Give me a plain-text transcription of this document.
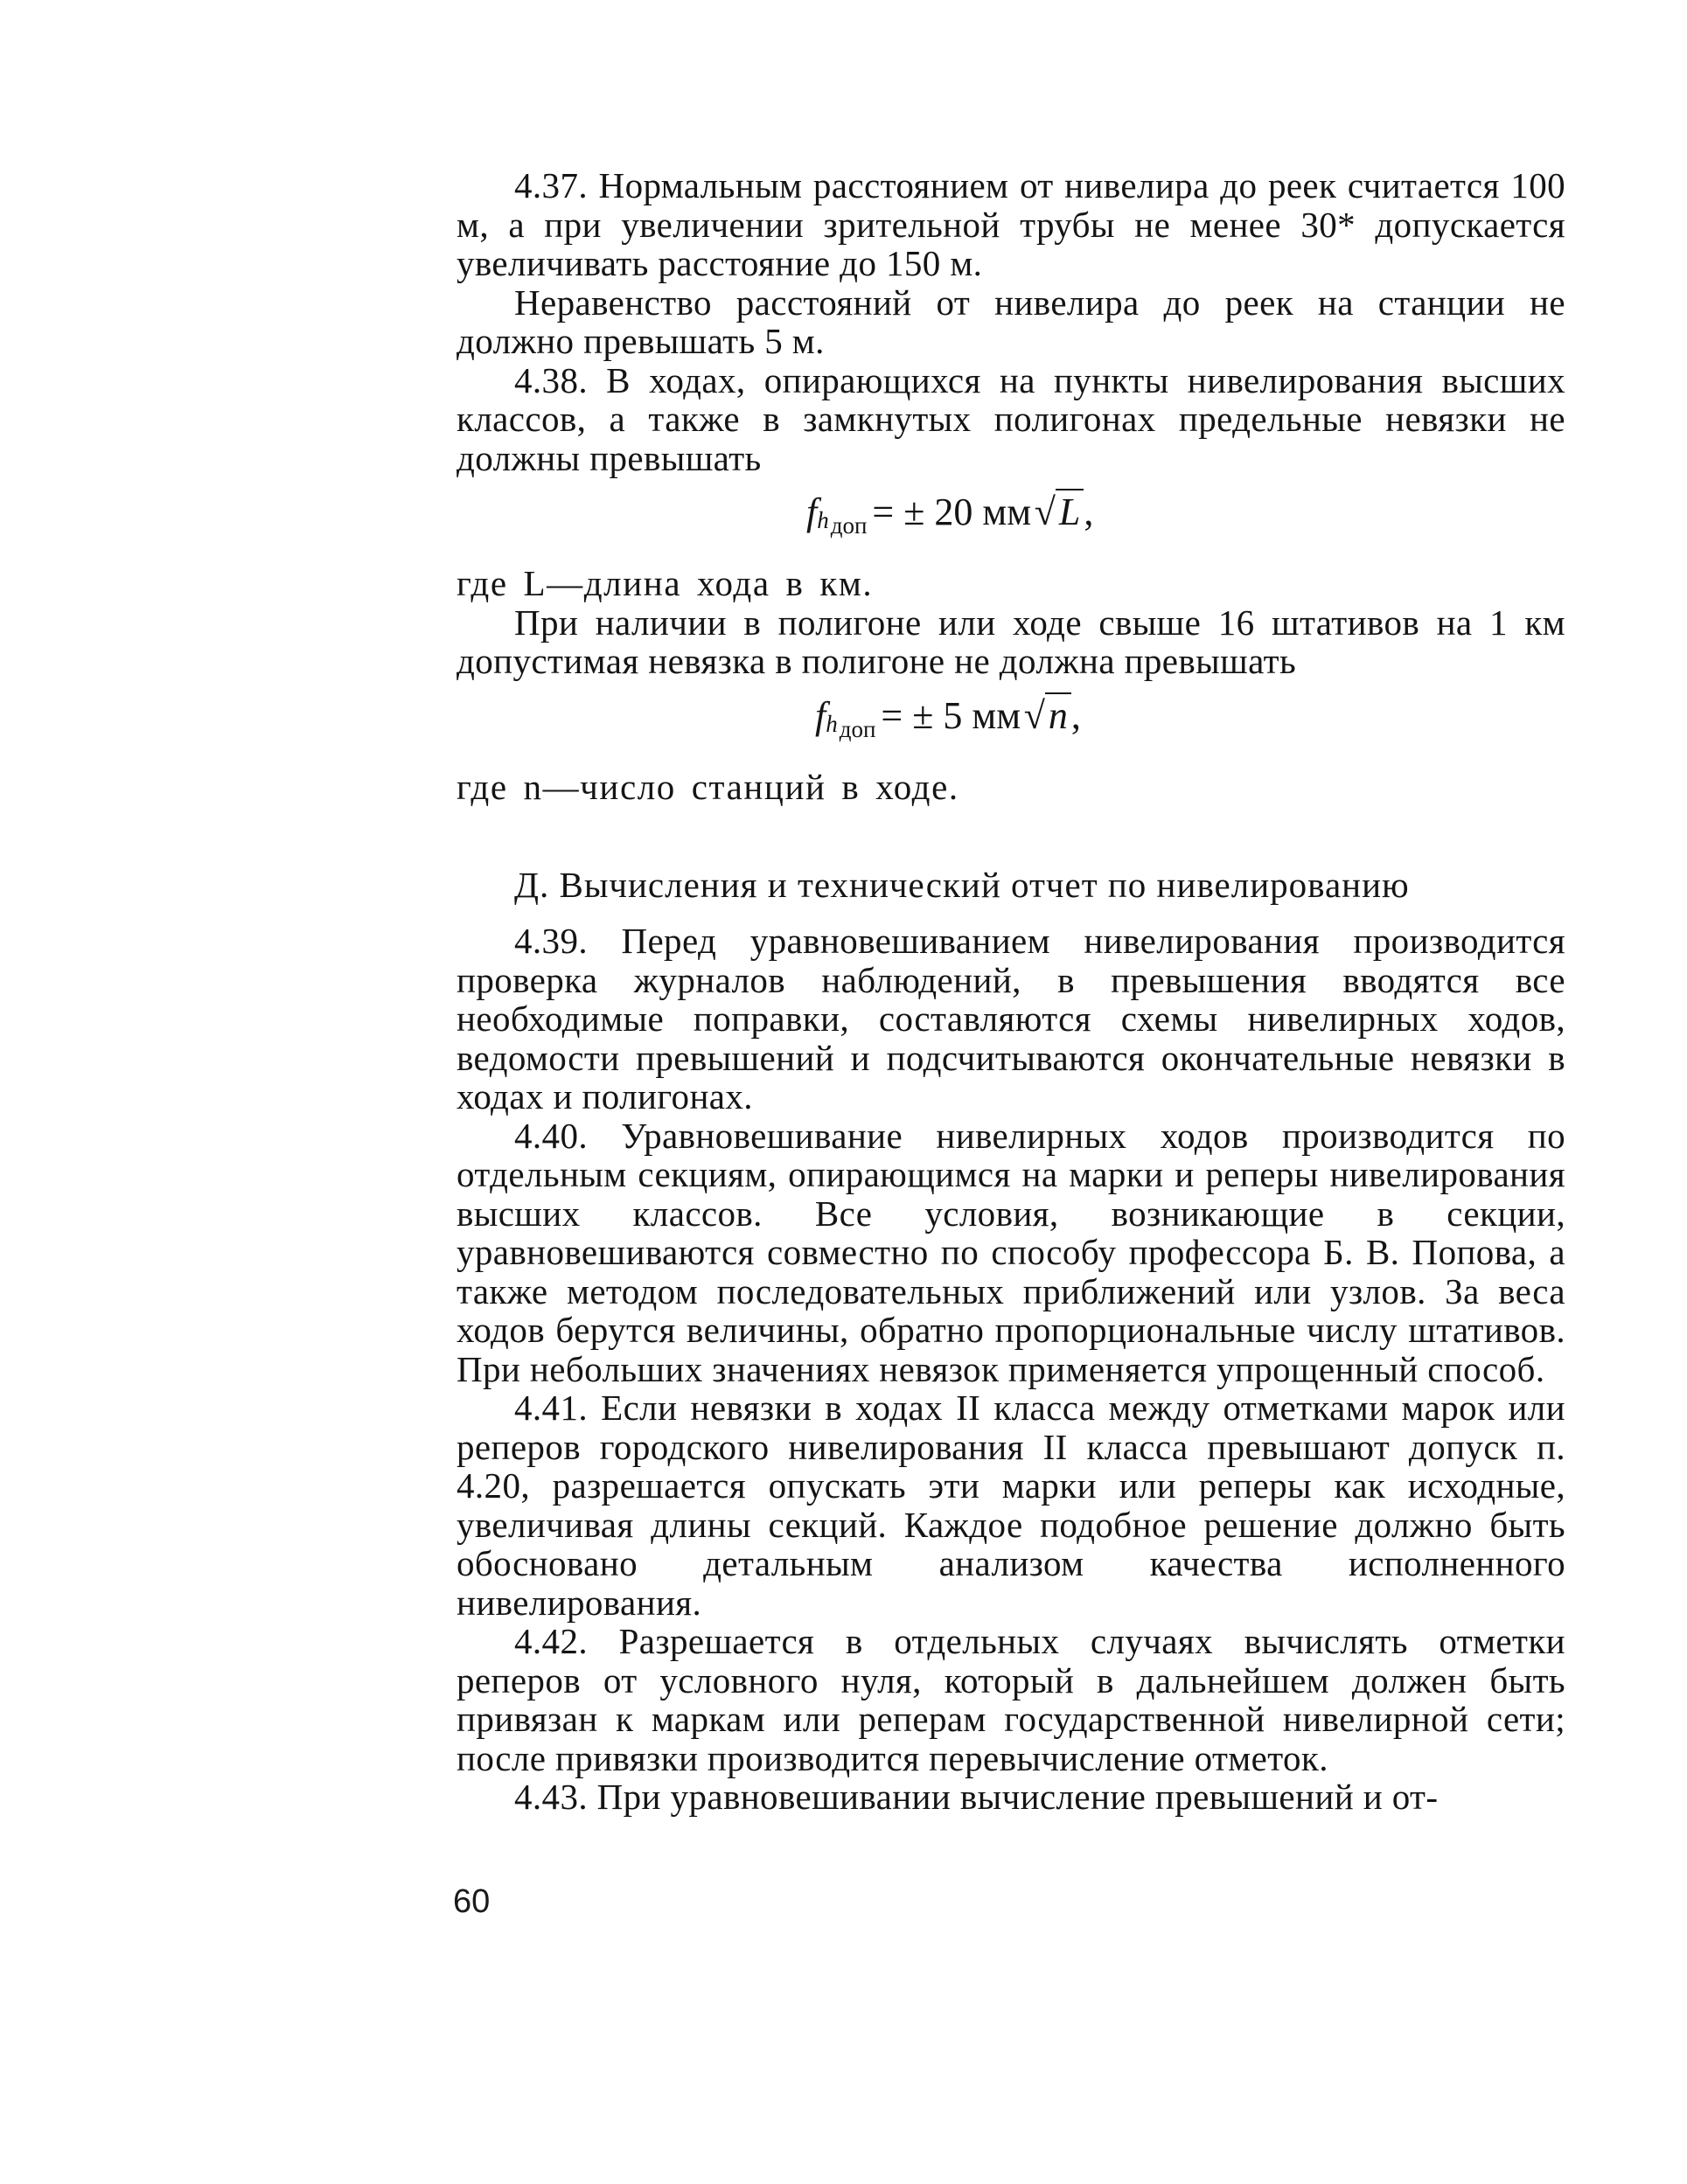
4.37. Нормальным расстоянием от нивелира до реек считается 100 м, а при увеличении зрительной трубы не менее 30* допускается увеличивать расстояние до 150 м.

Неравенство расстояний от нивелира до реек на станции не должно превышать 5 м.

4.38. В ходах, опирающихся на пункты нивелирования высших классов, а также в замкнутых полигонах предельные невязки не должны превышать

$fh_{доп}$ = ± 20 мм √L,

где L—длина хода в км.

При наличии в полигоне или ходе свыше 16 штативов на 1 км допустимая невязка в полигоне не должна превышать

$fh_{доп}$ = ± 5 мм √n,

где n—число станций в ходе.

Д. Вычисления и технический отчет по нивелированию

4.39. Перед уравновешиванием нивелирования производится проверка журналов наблюдений, в превышения вводятся все необходимые поправки, составляются схемы нивелирных ходов, ведомости превышений и подсчитываются окончательные невязки в ходах и полигонах.

4.40. Уравновешивание нивелирных ходов производится по отдельным секциям, опирающимся на марки и реперы нивелирования высших классов. Все условия, возникающие в секции, уравновешиваются совместно по способу профессора Б. В. Попова, а также методом последовательных приближений или узлов. За веса ходов берутся величины, обратно пропорциональные числу штативов. При небольших значениях невязок применяется упрощенный способ.

4.41. Если невязки в ходах II класса между отметками марок или реперов городского нивелирования II класса превышают допуск п. 4.20, разрешается опускать эти марки или реперы как исходные, увеличивая длины секций. Каждое подобное решение должно быть обосновано детальным анализом качества исполненного нивелирования.

4.42. Разрешается в отдельных случаях вычислять отметки реперов от условного нуля, который в дальнейшем должен быть привязан к маркам или реперам государственной нивелирной сети; после привязки производится перевычисление отметок.

4.43. При уравновешивании вычисление превышений и от-

60
